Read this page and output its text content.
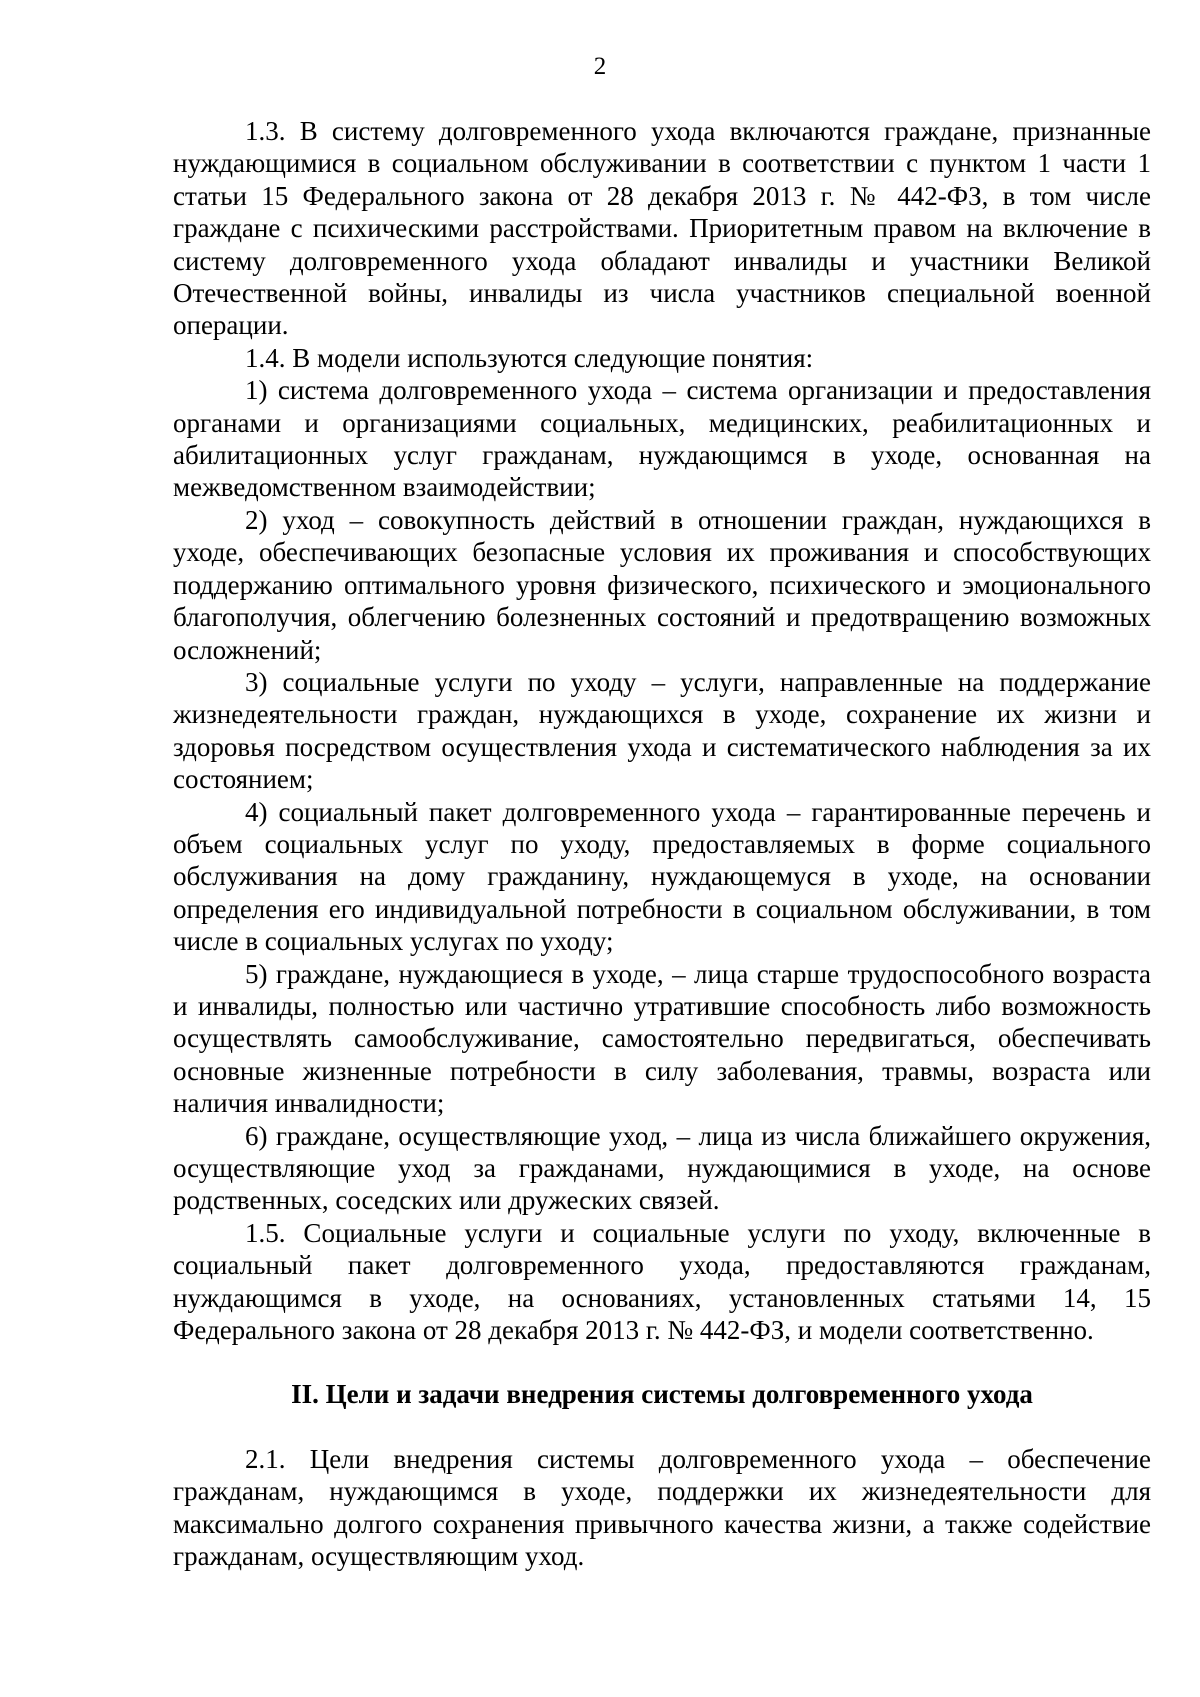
2

1.3. В систему долговременного ухода включаются граждане, признанные нуждающимися в социальном обслуживании в соответствии с пунктом 1 части 1 статьи 15 Федерального закона от 28 декабря 2013 г. № 442-ФЗ, в том числе граждане с психическими расстройствами. Приоритетным правом на включение в систему долговременного ухода обладают инвалиды и участники Великой Отечественной войны, инвалиды из числа участников специальной военной операции.

1.4. В модели используются следующие понятия:

1) система долговременного ухода – система организации и предоставления органами и организациями социальных, медицинских, реабилитационных и абилитационных услуг гражданам, нуждающимся в уходе, основанная на межведомственном взаимодействии;

2) уход – совокупность действий в отношении граждан, нуждающихся в уходе, обеспечивающих безопасные условия их проживания и способствующих поддержанию оптимального уровня физического, психического и эмоционального благополучия, облегчению болезненных состояний и предотвращению возможных осложнений;

3) социальные услуги по уходу – услуги, направленные на поддержание жизнедеятельности граждан, нуждающихся в уходе, сохранение их жизни и здоровья посредством осуществления ухода и систематического наблюдения за их состоянием;

4) социальный пакет долговременного ухода – гарантированные перечень и объем социальных услуг по уходу, предоставляемых в форме социального обслуживания на дому гражданину, нуждающемуся в уходе, на основании определения его индивидуальной потребности в социальном обслуживании, в том числе в социальных услугах по уходу;

5) граждане, нуждающиеся в уходе, – лица старше трудоспособного возраста и инвалиды, полностью или частично утратившие способность либо возможность осуществлять самообслуживание, самостоятельно передвигаться, обеспечивать основные жизненные потребности в силу заболевания, травмы, возраста или наличия инвалидности;

6) граждане, осуществляющие уход, – лица из числа ближайшего окружения, осуществляющие уход за гражданами, нуждающимися в уходе, на основе родственных, соседских или дружеских связей.

1.5. Социальные услуги и социальные услуги по уходу, включенные в социальный пакет долговременного ухода, предоставляются гражданам, нуждающимся в уходе, на основаниях, установленных статьями 14, 15 Федерального закона от 28 декабря 2013 г. № 442-ФЗ, и модели соответственно.

II. Цели и задачи внедрения системы долговременного ухода

2.1. Цели внедрения системы долговременного ухода – обеспечение гражданам, нуждающимся в уходе, поддержки их жизнедеятельности для максимально долгого сохранения привычного качества жизни, а также содействие гражданам, осуществляющим уход.
